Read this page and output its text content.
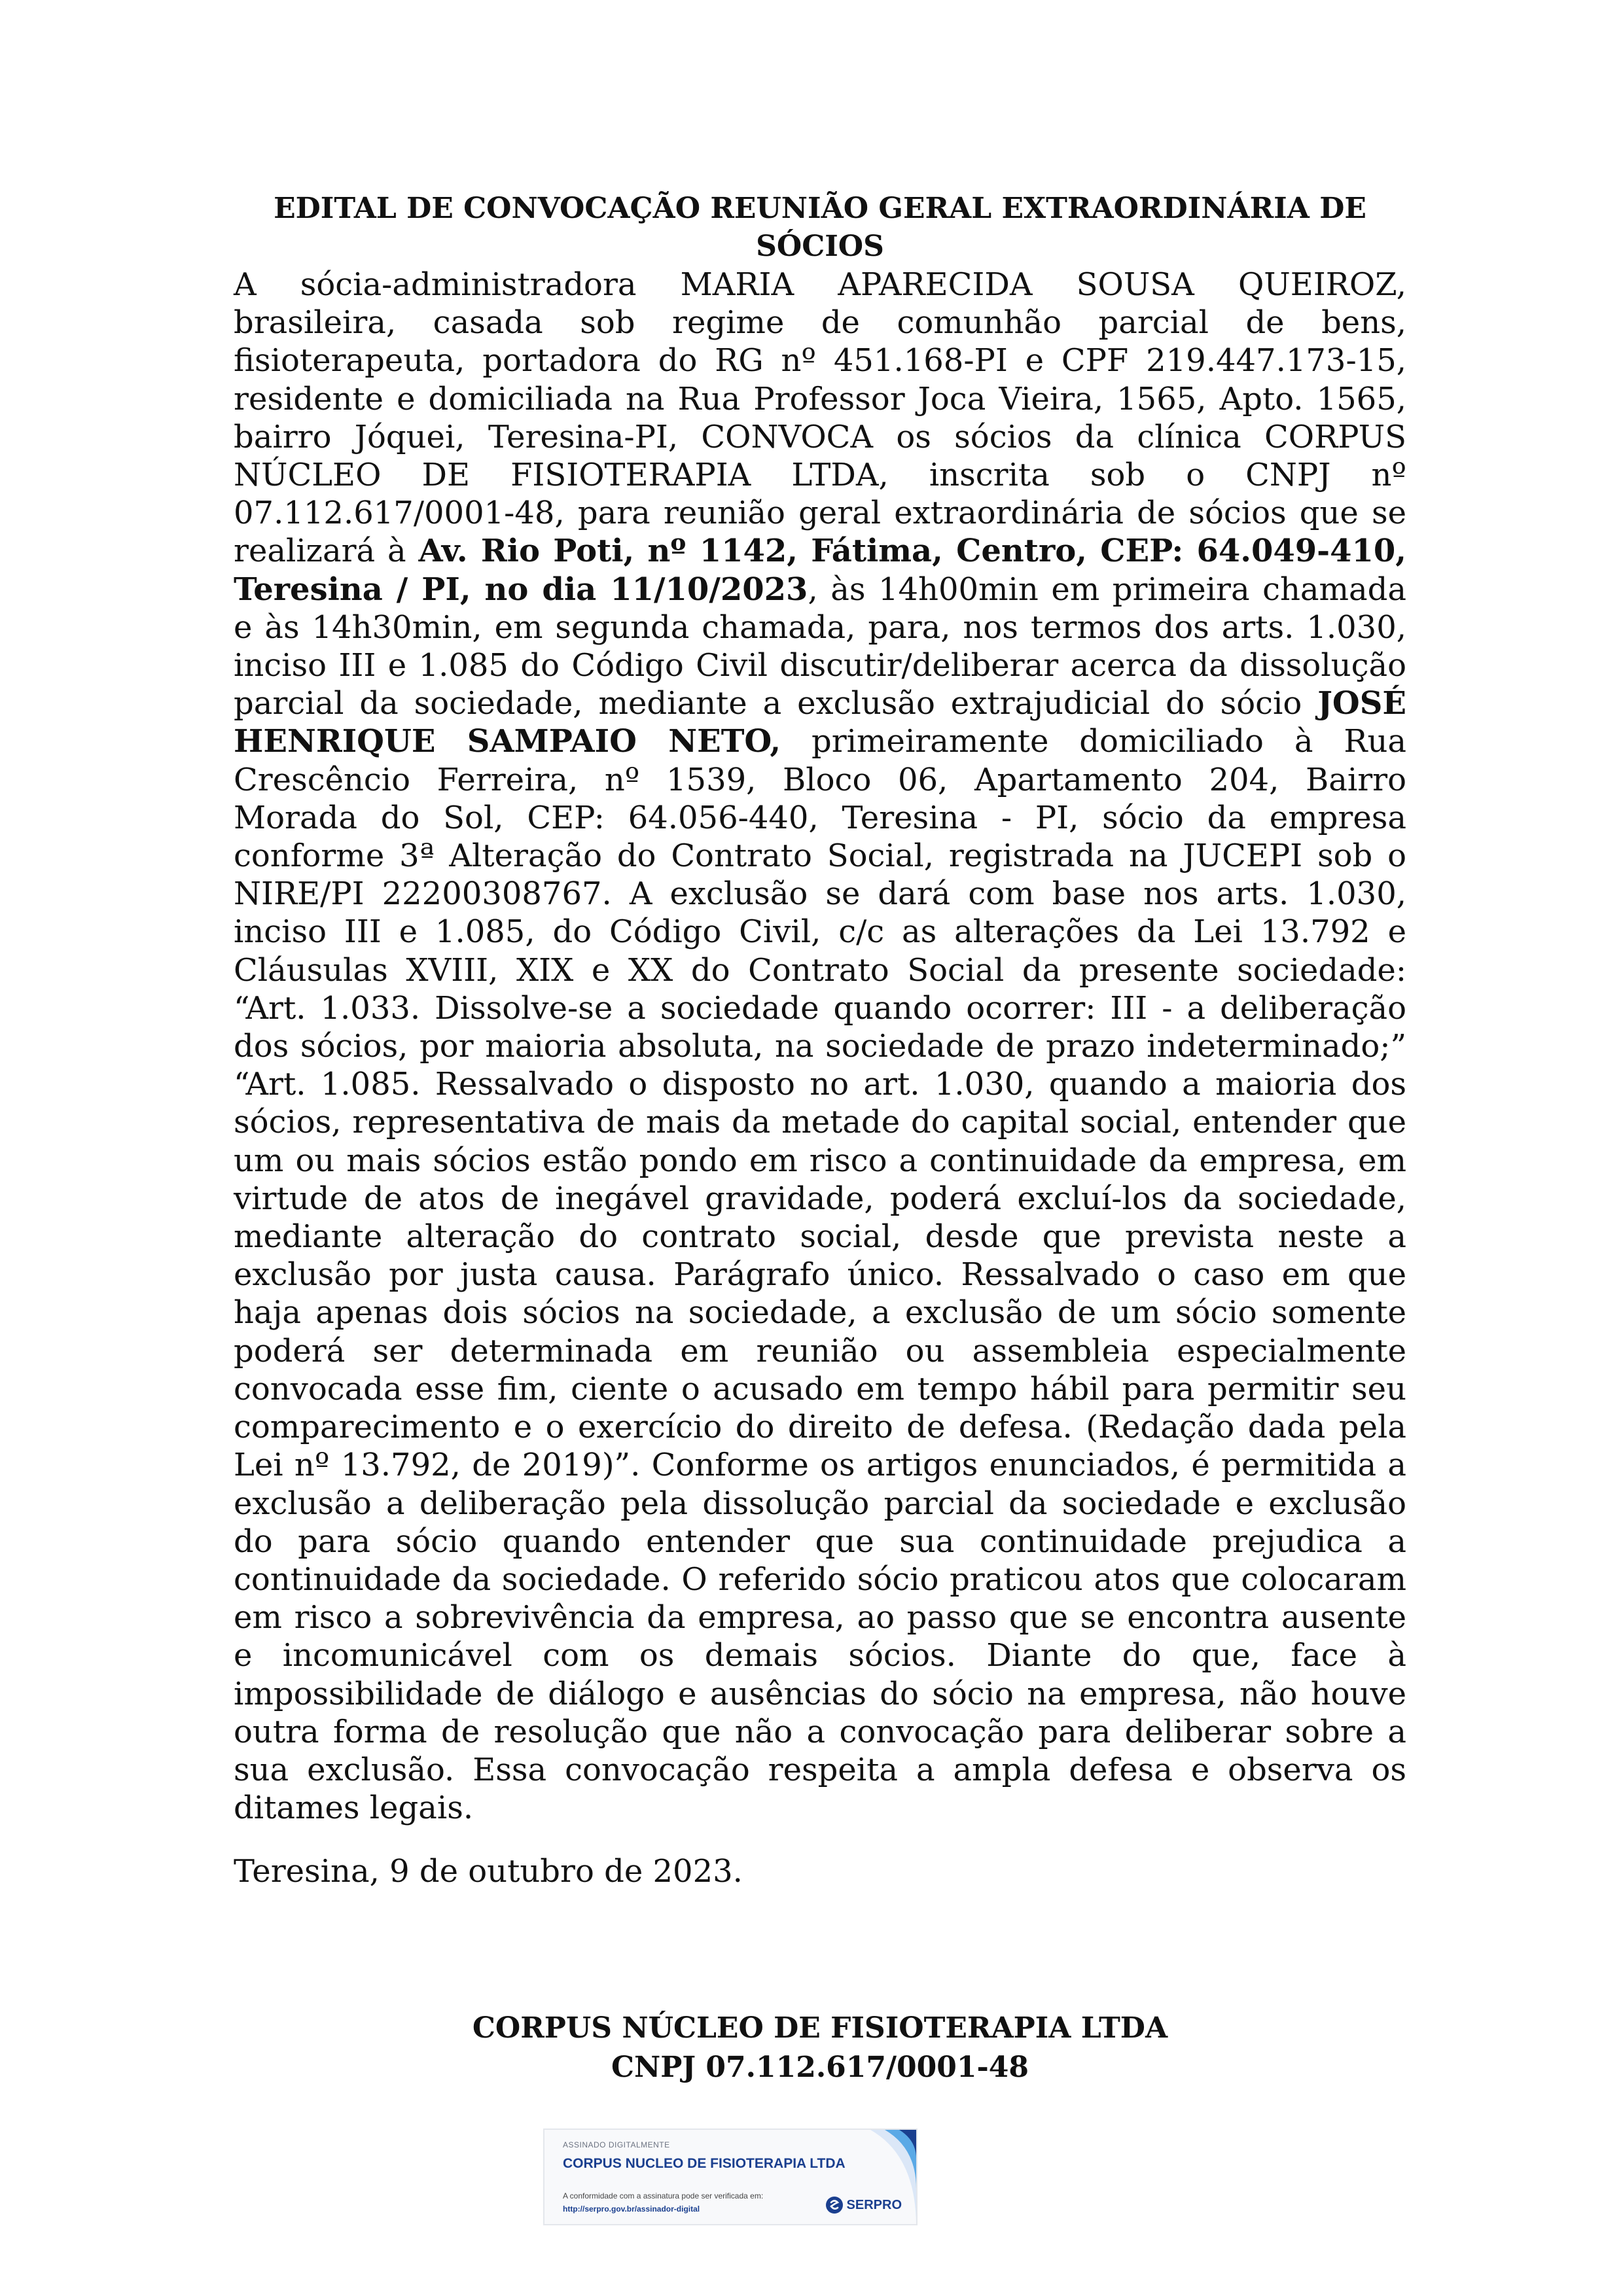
EDITAL DE CONVOCAÇÃO REUNIÃO GERAL EXTRAORDINÁRIA DE
SÓCIOS

A sócia-administradora MARIA APARECIDA SOUSA QUEIROZ, brasileira, casada sob regime de comunhão parcial de bens, fisioterapeuta, portadora do RG nº 451.168-PI e CPF 219.447.173-15, residente e domiciliada na Rua Professor Joca Vieira, 1565, Apto. 1565, bairro Jóquei, Teresina-PI, CONVOCA os sócios da clínica CORPUS NÚCLEO DE FISIOTERAPIA LTDA, inscrita sob o CNPJ nº 07.112.617/0001-48, para reunião geral extraordinária de sócios que se realizará à Av. Rio Poti, nº 1142, Fátima, Centro, CEP: 64.049-410, Teresina / PI, no dia 11/10/2023, às 14h00min em primeira chamada e às 14h30min, em segunda chamada, para, nos termos dos arts. 1.030, inciso III e 1.085 do Código Civil discutir/deliberar acerca da dissolução parcial da sociedade, mediante a exclusão extrajudicial do sócio JOSÉ HENRIQUE SAMPAIO NETO, primeiramente domiciliado à Rua Crescêncio Ferreira, nº 1539, Bloco 06, Apartamento 204, Bairro Morada do Sol, CEP: 64.056-440, Teresina - PI, sócio da empresa conforme 3ª Alteração do Contrato Social, registrada na JUCEPI sob o NIRE/PI 22200308767. A exclusão se dará com base nos arts. 1.030, inciso III e 1.085, do Código Civil, c/c as alterações da Lei 13.792 e Cláusulas XVIII, XIX e XX do Contrato Social da presente sociedade: “Art. 1.033. Dissolve-se a sociedade quando ocorrer: III - a deliberação dos sócios, por maioria absoluta, na sociedade de prazo indeterminado;” “Art. 1.085. Ressalvado o disposto no art. 1.030, quando a maioria dos sócios, representativa de mais da metade do capital social, entender que um ou mais sócios estão pondo em risco a continuidade da empresa, em virtude de atos de inegável gravidade, poderá excluí-los da sociedade, mediante alteração do contrato social, desde que prevista neste a exclusão por justa causa. Parágrafo único. Ressalvado o caso em que haja apenas dois sócios na sociedade, a exclusão de um sócio somente poderá ser determinada em reunião ou assembleia especialmente convocada esse fim, ciente o acusado em tempo hábil para permitir seu comparecimento e o exercício do direito de defesa. (Redação dada pela Lei nº 13.792, de 2019)”. Conforme os artigos enunciados, é permitida a exclusão a deliberação pela dissolução parcial da sociedade e exclusão do para sócio quando entender que sua continuidade prejudica a continuidade da sociedade. O referido sócio praticou atos que colocaram em risco a sobrevivência da empresa, ao passo que se encontra ausente e incomunicável com os demais sócios. Diante do que, face à impossibilidade de diálogo e ausências do sócio na empresa, não houve outra forma de resolução que não a convocação para deliberar sobre a sua exclusão. Essa convocação respeita a ampla defesa e observa os ditames legais.

Teresina, 9 de outubro de 2023.

CORPUS NÚCLEO DE FISIOTERAPIA LTDA
CNPJ 07.112.617/0001-48
ASSINADO DIGITALMENTE
CORPUS NUCLEO DE FISIOTERAPIA LTDA
A conformidade com a assinatura pode ser verificada em:
http://serpro.gov.br/assinador-digital	SERPRO
